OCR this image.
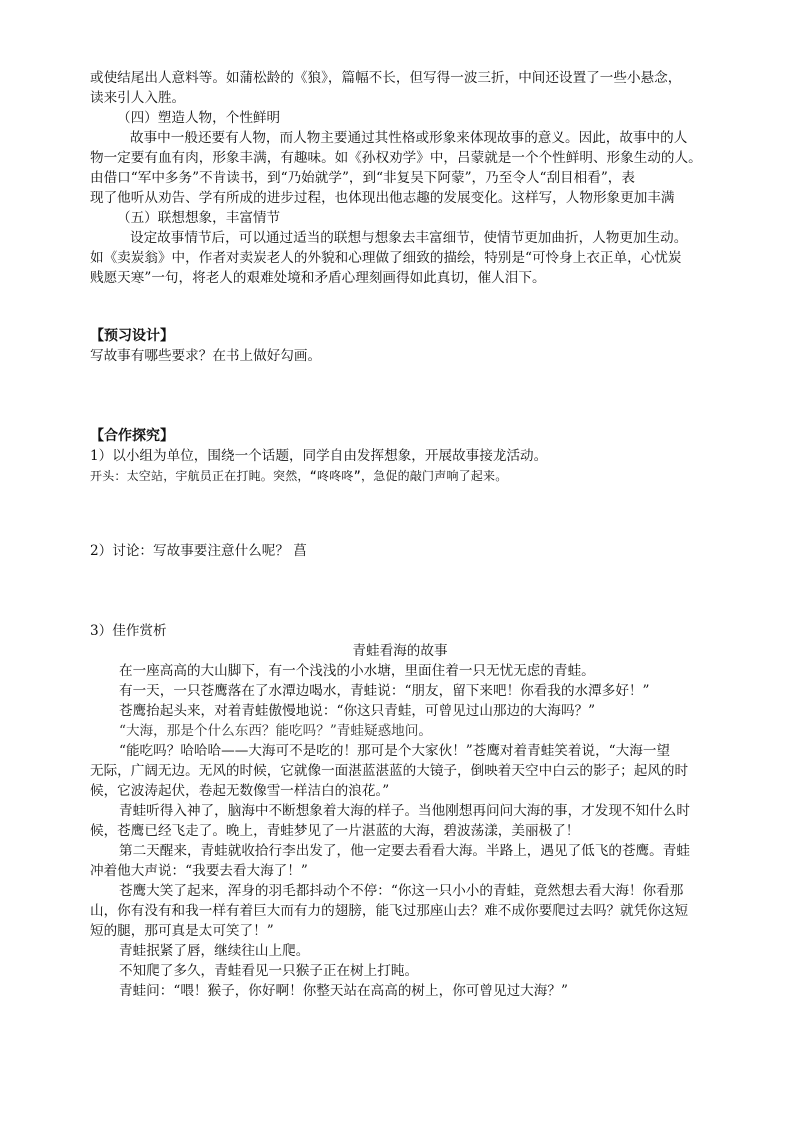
或使结尾出人意料等。如蒲松龄的《狼》，篇幅不长，但写得一波三折，中间还设置了一些小悬念，
读来引人入胜。
（四）塑造人物，个性鲜明
故事中一般还要有人物，而人物主要通过其性格或形象来体现故事的意义。因此，故事中的人
物一定要有血有肉，形象丰满，有趣味。如《孙权劝学》中，吕蒙就是一个个性鲜明、形象生动的人。
由借口“军中多务”不肯读书，到“乃始就学”，到“非复吴下阿蒙”，乃至令人“刮目相看”，表
现了他听从劝告、学有所成的进步过程，也体现出他志趣的发展变化。这样写，人物形象更加丰满
（五）联想想象，丰富情节
设定故事情节后，可以通过适当的联想与想象去丰富细节，使情节更加曲折，人物更加生动。
如《卖炭翁》中，作者对卖炭老人的外貌和心理做了细致的描绘，特别是“可怜身上衣正单，心忧炭
贱愿天寒”一句，将老人的艰难处境和矛盾心理刻画得如此真切，催人泪下。
【预习设计】
写故事有哪些要求？在书上做好勾画。
【合作探究】
1）以小组为单位，围绕一个话题，同学自由发挥想象，开展故事接龙活动。
开头：太空站，宇航员正在打盹。突然，“咚咚咚”，急促的敲门声响了起来。
2）讨论：写故事要注意什么呢？ 菖
3）佳作赏析
青蛙看海的故事
在一座高高的大山脚下，有一个浅浅的小水塘，里面住着一只无忧无虑的青蛙。
有一天，一只苍鹰落在了水潭边喝水，青蛙说：“朋友，留下来吧！你看我的水潭多好！”
苍鹰抬起头来，对着青蛙傲慢地说：“你这只青蛙，可曾见过山那边的大海吗？”
“大海，那是个什么东西？能吃吗？”青蛙疑惑地问。
“能吃吗？哈哈哈——大海可不是吃的！那可是个大家伙！”苍鹰对着青蛙笑着说，“大海一望
无际，广阔无边。无风的时候，它就像一面湛蓝湛蓝的大镜子，倒映着天空中白云的影子；起风的时
候，它波涛起伏，卷起无数像雪一样洁白的浪花。”
青蛙听得入神了，脑海中不断想象着大海的样子。当他刚想再问问大海的事，才发现不知什么时
候，苍鹰已经飞走了。晚上，青蛙梦见了一片湛蓝的大海，碧波荡漾，美丽极了！
第二天醒来，青蛙就收拾行李出发了，他一定要去看看大海。半路上，遇见了低飞的苍鹰。青蛙
冲着他大声说：“我要去看大海了！”
苍鹰大笑了起来，浑身的羽毛都抖动个不停：“你这一只小小的青蛙，竟然想去看大海！你看那
山，你有没有和我一样有着巨大而有力的翅膀，能飞过那座山去？难不成你要爬过去吗？就凭你这短
短的腿，那可真是太可笑了！”
青蛙抿紧了唇，继续往山上爬。
不知爬了多久，青蛙看见一只猴子正在树上打盹。
青蛙问：“喂！猴子，你好啊！你整天站在高高的树上，你可曾见过大海？”
